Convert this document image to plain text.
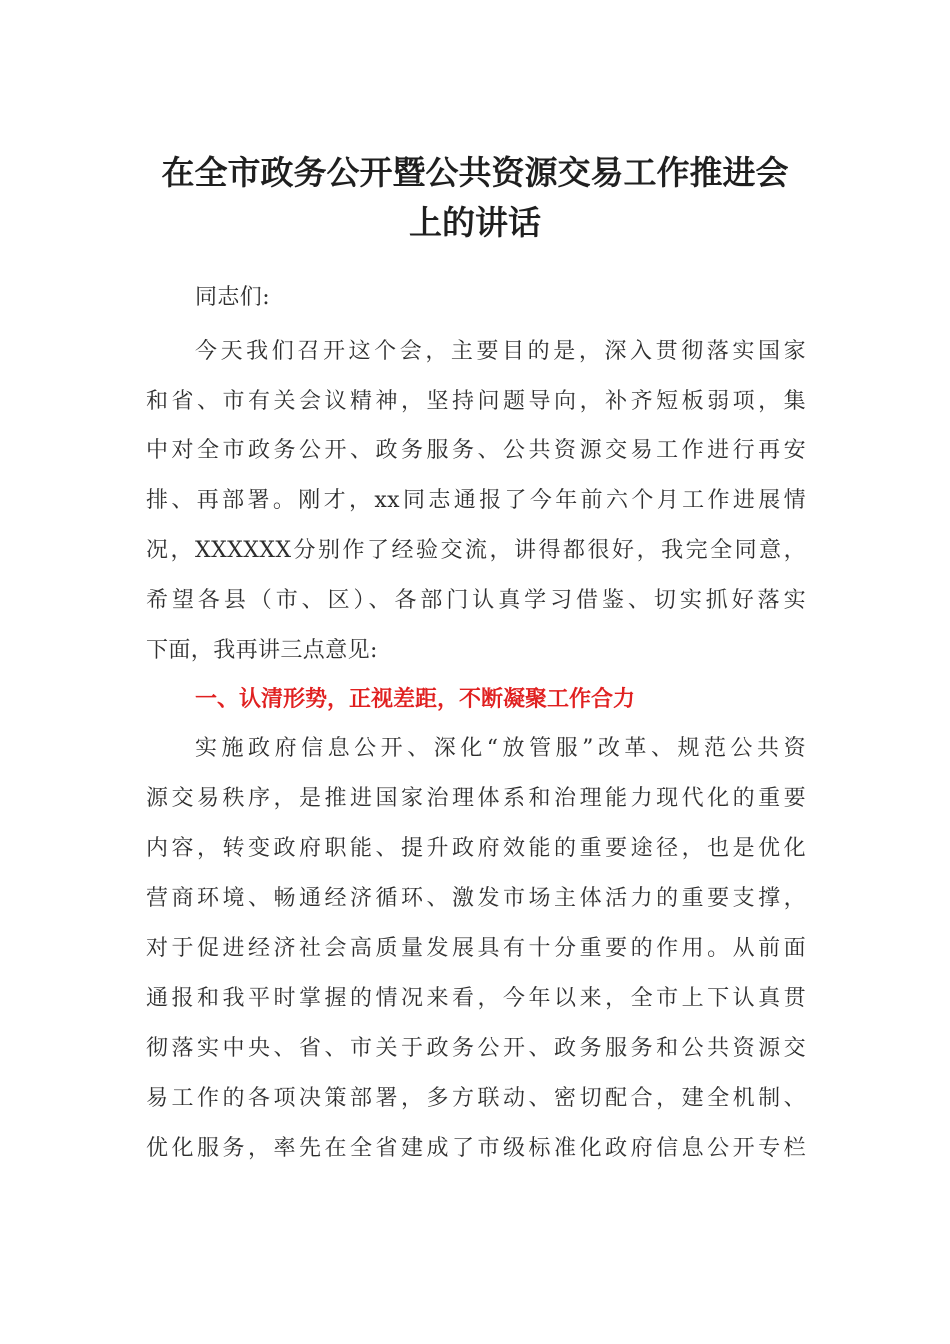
在全市政务公开暨公共资源交易工作推进会
上的讲话
同志们:
今天我们召开这个会，主要目的是，深入贯彻落实国家
和省、市有关会议精神，坚持问题导向，补齐短板弱项，集
中对全市政务公开、政务服务、公共资源交易工作进行再安
排、再部署。刚才，xx同志通报了今年前六个月工作进展情
况，XXXXXX分别作了经验交流，讲得都很好，我完全同意，
希望各县（市、区）、各部门认真学习借鉴、切实抓好落实
下面，我再讲三点意见:
一、认清形势，正视差距，不断凝聚工作合力
实施政府信息公开、深化“放管服”改革、规范公共资
源交易秩序，是推进国家治理体系和治理能力现代化的重要
内容，转变政府职能、提升政府效能的重要途径，也是优化
营商环境、畅通经济循环、激发市场主体活力的重要支撑，
对于促进经济社会高质量发展具有十分重要的作用。从前面
通报和我平时掌握的情况来看，今年以来，全市上下认真贯
彻落实中央、省、市关于政务公开、政务服务和公共资源交
易工作的各项决策部署，多方联动、密切配合，建全机制、
优化服务，率先在全省建成了市级标准化政府信息公开专栏
